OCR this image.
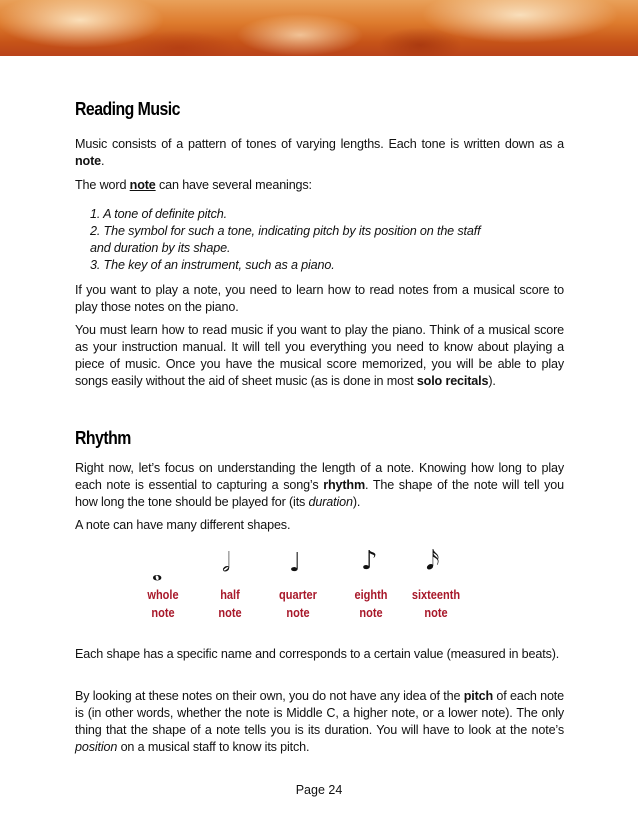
Reading Music

Music consists of a pattern of tones of varying lengths. Each tone is written down as a note.

The word note can have several meanings:

1. A tone of definite pitch.
2. The symbol for such a tone, indicating pitch by its position on the staff
and duration by its shape.
3. The key of an instrument, such as a piano.

If you want to play a note, you need to learn how to read notes from a musical score to play those notes on the piano.

You must learn how to read music if you want to play the piano. Think of a musical score as your instruction manual. It will tell you everything you need to know about playing a piece of music. Once you have the musical score memorized, you will be able to play songs easily without the aid of sheet music (as is done in most solo recitals).

Rhythm

Right now, let’s focus on understanding the length of a note. Knowing how long to play each note is essential to capturing a song’s rhythm. The shape of the note will tell you how long the tone should be played for (its duration).

A note can have many different shapes.

𝅝 𝅗𝅥 ♩ ♪ 𝅘𝅥𝅯
whole
note
half
note
quarter
note
eighth
note
sixteenth
note

Each shape has a specific name and corresponds to a certain value (measured in beats).

By looking at these notes on their own, you do not have any idea of the pitch of each note is (in other words, whether the note is Middle C, a higher note, or a lower note). The only thing that the shape of a note tells you is its duration. You will have to look at the note’s position on a musical staff to know its pitch.

Page 24
